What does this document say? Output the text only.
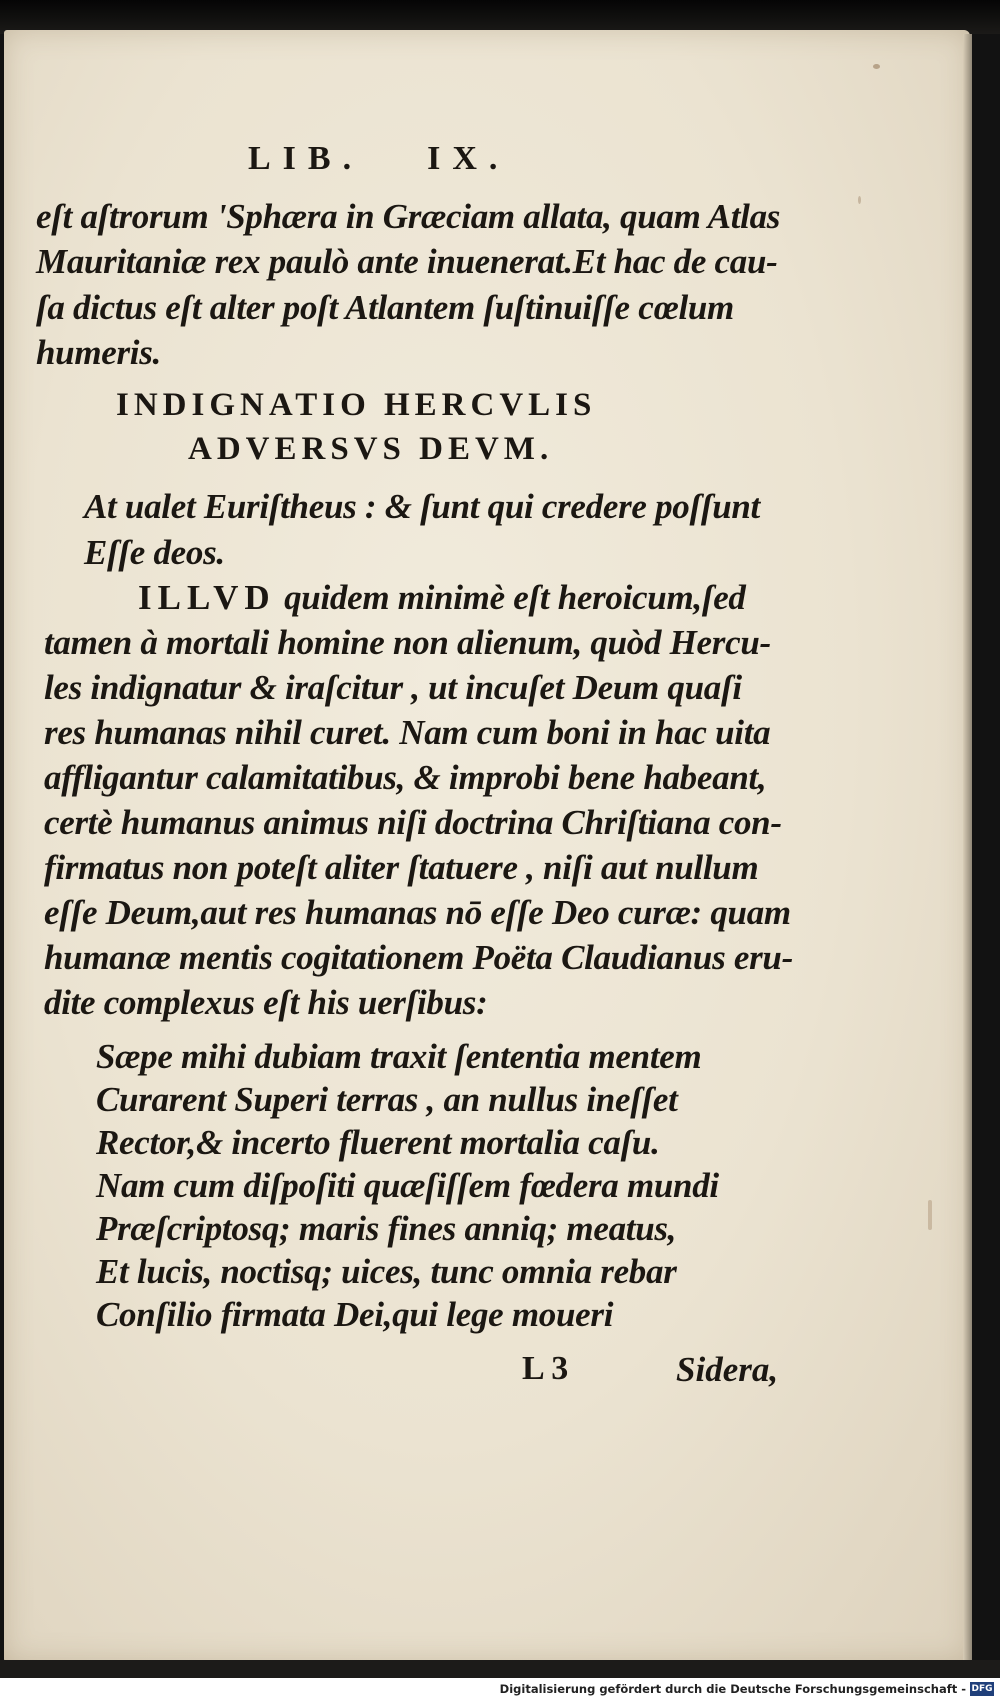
LIB. IX.
eſt aſtrorum 'Sphæra in Græciam allata, quam Atlas
Mauritaniæ rex paulò ante inuenerat.Et hac de cau-
ſa dictus eſt alter poſt Atlantem ſuſtinuiſſe cœlum
humeris.
INDIGNATIO HERCVLIS
ADVERSVS DEVM.
At ualet Euriſtheus : & ſunt qui credere poſſunt
Eſſe deos.
ILLVD quidem minimè eſt heroicum,ſed
tamen à mortali homine non alienum, quòd Hercu-
les indignatur & iraſcitur , ut incuſet Deum quaſi
res humanas nihil curet. Nam cum boni in hac uita
affligantur calamitatibus, & improbi bene habeant,
certè humanus animus niſi doctrina Chriſtiana con-
firmatus non poteſt aliter ſtatuere , niſi aut nullum
eſſe Deum,aut res humanas nō eſſe Deo curæ: quam
humanæ mentis cogitationem Poëta Claudianus eru-
dite complexus eſt his uerſibus:
Sæpe mihi dubiam traxit ſententia mentem
Curarent Superi terras , an nullus ineſſet
Rector,& incerto fluerent mortalia caſu.
Nam cum diſpoſiti quæſiſſem fœdera mundi
Præſcriptosq; maris fines anniq; meatus,
Et lucis, noctisq; uices, tunc omnia rebar
Conſilio firmata Dei,qui lege moueri
L 3	Sidera,
Digitalisierung gefördert durch die Deutsche Forschungsgemeinschaft - DFG
